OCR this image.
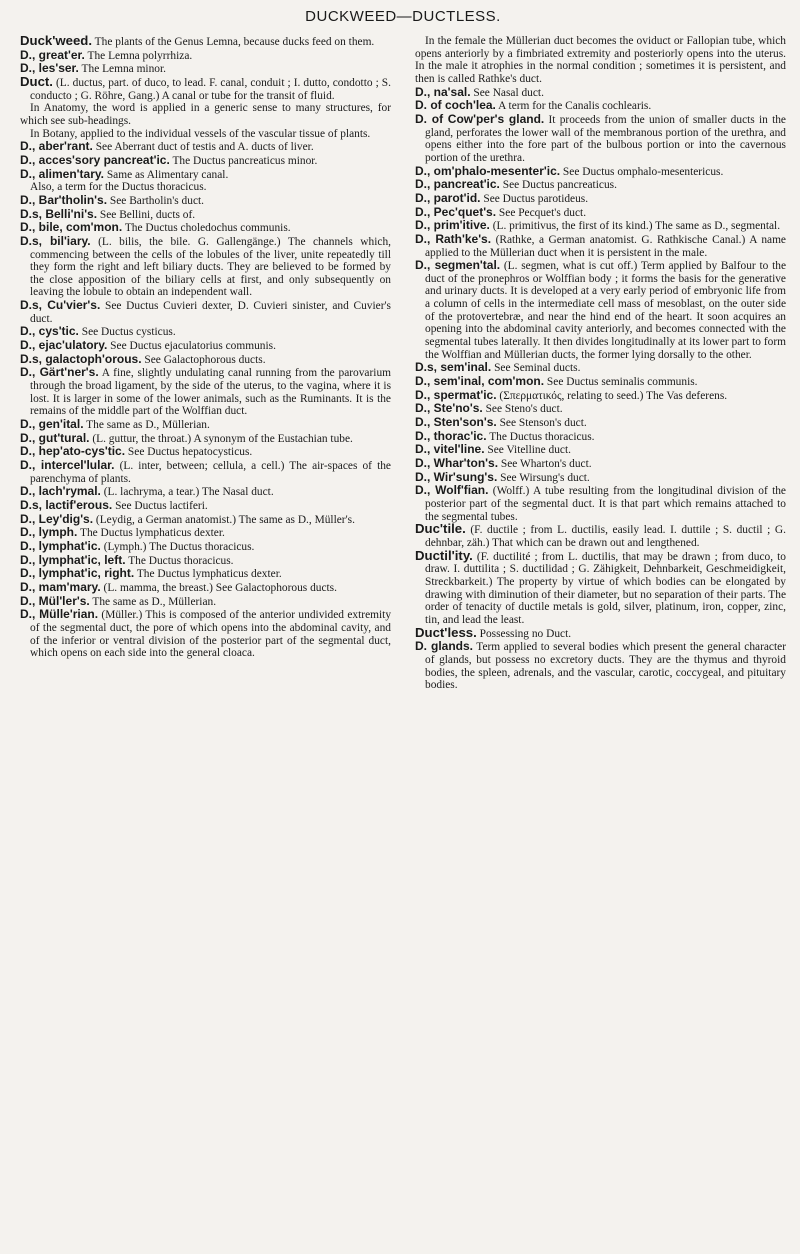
DUCKWEED—DUCTLESS.

Duck'weed. The plants of the Genus Lemna, because ducks feed on them.

D., great'er. The Lemna polyrrhiza.

D., les'ser. The Lemna minor.

Duct. (L. ductus, part. of duco, to lead. F. canal, conduit ; I. dutto, condotto ; S. conducto ; G. Röhre, Gang.) A canal or tube for the transit of fluid.

In Anatomy, the word is applied in a generic sense to many structures, for which see sub-headings.

In Botany, applied to the individual vessels of the vascular tissue of plants.

D., aber'rant. See Aberrant duct of testis and A. ducts of liver.

D., acces'sory pancreat'ic. The Ductus pancreaticus minor.

D., alimen'tary. Same as Alimentary canal.

Also, a term for the Ductus thoracicus.

D., Bar'tholin's. See Bartholin's duct.

D.s, Belli'ni's. See Bellini, ducts of.

D., bile, com'mon. The Ductus choledochus communis.

D.s, bil'iary. (L. bilis, the bile. G. Gallengänge.) The channels which, commencing between the cells of the lobules of the liver, unite repeatedly till they form the right and left biliary ducts. They are believed to be formed by the close apposition of the biliary cells at first, and only subsequently on leaving the lobule to obtain an independent wall.

D.s, Cu'vier's. See Ductus Cuvieri dexter, D. Cuvieri sinister, and Cuvier's duct.

D., cys'tic. See Ductus cysticus.

D., ejac'ulatory. See Ductus ejaculatorius communis.

D.s, galactoph'orous. See Galactophorous ducts.

D., Gärt'ner's. A fine, slightly undulating canal running from the parovarium through the broad ligament, by the side of the uterus, to the vagina, where it is lost. It is larger in some of the lower animals, such as the Ruminants. It is the remains of the middle part of the Wolffian duct.

D., gen'ital. The same as D., Müllerian.

D., gut'tural. (L. guttur, the throat.) A synonym of the Eustachian tube.

D., hep'ato-cys'tic. See Ductus hepatocysticus.

D., intercel'lular. (L. inter, between; cellula, a cell.) The air-spaces of the parenchyma of plants.

D., lach'rymal. (L. lachryma, a tear.) The Nasal duct.

D.s, lactif'erous. See Ductus lactiferi.

D., Ley'dig's. (Leydig, a German anatomist.) The same as D., Müller's.

D., lymph. The Ductus lymphaticus dexter.

D., lymphat'ic. (Lymph.) The Ductus thoracicus.

D., lymphat'ic, left. The Ductus thoracicus.

D., lymphat'ic, right. The Ductus lymphaticus dexter.

D., mam'mary. (L. mamma, the breast.) See Galactophorous ducts.

D., Mül'ler's. The same as D., Müllerian.

D., Mülle'rian. (Müller.) This is composed of the anterior undivided extremity of the segmental duct, the pore of which opens into the abdominal cavity, and of the inferior or ventral division of the posterior part of the segmental duct, which opens on each side into the general cloaca.

In the female the Müllerian duct becomes the oviduct or Fallopian tube, which opens anteriorly by a fimbriated extremity and posteriorly opens into the uterus. In the male it atrophies in the normal condition ; sometimes it is persistent, and then is called Rathke's duct.

D., na'sal. See Nasal duct.

D. of coch'lea. A term for the Canalis cochlearis.

D. of Cow'per's gland. It proceeds from the union of smaller ducts in the gland, perforates the lower wall of the membranous portion of the urethra, and opens either into the fore part of the bulbous portion or into the cavernous portion of the urethra.

D., om'phalo-mesenter'ic. See Ductus omphalo-mesentericus.

D., pancreat'ic. See Ductus pancreaticus.

D., parot'id. See Ductus parotideus.

D., Pec'quet's. See Pecquet's duct.

D., prim'itive. (L. primitivus, the first of its kind.) The same as D., segmental.

D., Rath'ke's. (Rathke, a German anatomist. G. Rathkische Canal.) A name applied to the Müllerian duct when it is persistent in the male.

D., segmen'tal. (L. segmen, what is cut off.) Term applied by Balfour to the duct of the pronephros or Wolffian body ; it forms the basis for the generative and urinary ducts. It is developed at a very early period of embryonic life from a column of cells in the intermediate cell mass of mesoblast, on the outer side of the protovertebræ, and near the hind end of the heart. It soon acquires an opening into the abdominal cavity anteriorly, and becomes connected with the segmental tubes laterally. It then divides longitudinally at its lower part to form the Wolffian and Müllerian ducts, the former lying dorsally to the other.

D.s, sem'inal. See Seminal ducts.

D., sem'inal, com'mon. See Ductus seminalis communis.

D., spermat'ic. (Σπερματικός, relating to seed.) The Vas deferens.

D., Ste'no's. See Steno's duct.

D., Sten'son's. See Stenson's duct.

D., thorac'ic. The Ductus thoracicus.

D., vitel'line. See Vitelline duct.

D., Whar'ton's. See Wharton's duct.

D., Wir'sung's. See Wirsung's duct.

D., Wolf'fian. (Wolff.) A tube resulting from the longitudinal division of the posterior part of the segmental duct. It is that part which remains attached to the segmental tubes.

Duc'tile. (F. ductile ; from L. ductilis, easily lead. I. duttile ; S. ductil ; G. dehnbar, zäh.) That which can be drawn out and lengthened.

Ductil'ity. (F. ductilité ; from L. ductilis, that may be drawn ; from duco, to draw. I. duttilita ; S. ductilidad ; G. Zähigkeit, Dehnbarkeit, Geschmeidigkeit, Streckbarkeit.) The property by virtue of which bodies can be elongated by drawing with diminution of their diameter, but no separation of their parts. The order of tenacity of ductile metals is gold, silver, platinum, iron, copper, zinc, tin, and lead the least.

Duct'less. Possessing no Duct.

D. glands. Term applied to several bodies which present the general character of glands, but possess no excretory ducts. They are the thymus and thyroid bodies, the spleen, adrenals, and the vascular, carotic, coccygeal, and pituitary bodies.
